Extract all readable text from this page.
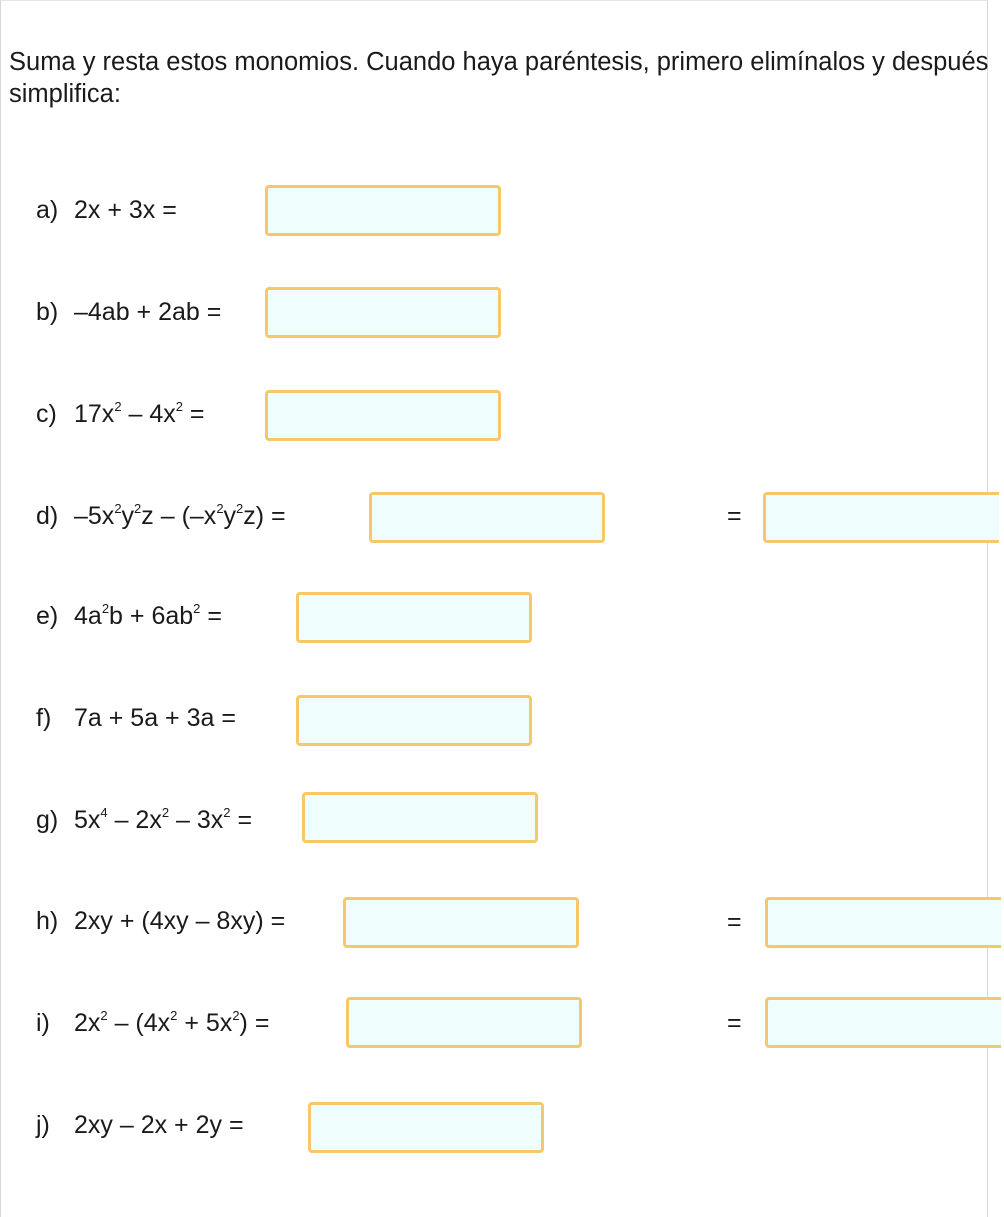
Suma y resta estos monomios. Cuando haya paréntesis, primero elimínalos y después simplifica:

a) 2x + 3x =
b) –4ab + 2ab =
c) $17x^2 - 4x^2$ =
d) $-5x^2y^2z - (-x^2y^2z)$ =	=
e) $4a^2b + 6ab^2$ =
f) 7a + 5a + 3a =
g) $5x^4 - 2x^2 - 3x^2$ =
h) 2xy + (4xy – 8xy) =	=
i) $2x^2 - (4x^2 + 5x^2)$ =	=
j) 2xy – 2x + 2y =
